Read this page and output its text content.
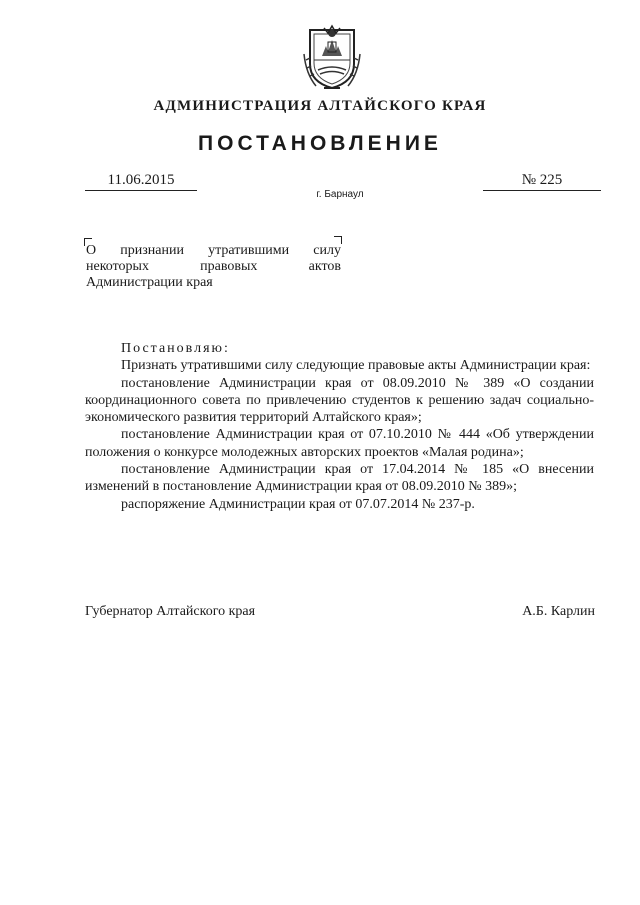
АДМИНИСТРАЦИЯ АЛТАЙСКОГО КРАЯ
ПОСТАНОВЛЕНИЕ
11.06.2015	№ 225
г. Барнаул
О признании утратившими силу некоторых правовых актов Администрации края

Постановляю:

Признать утратившими силу следующие правовые акты Администрации края:

постановление Администрации края от 08.09.2010 № 389 «О создании координационного совета по привлечению студентов к решению задач социально-экономического развития территорий Алтайского края»;

постановление Администрации края от 07.10.2010 № 444 «Об утверждении положения о конкурсе молодежных авторских проектов «Малая родина»;

постановление Администрации края от 17.04.2014 № 185 «О внесении изменений в постановление Администрации края от 08.09.2010 № 389»;

распоряжение Администрации края от 07.07.2014 № 237-р.

Губернатор Алтайского края	А.Б. Карлин
